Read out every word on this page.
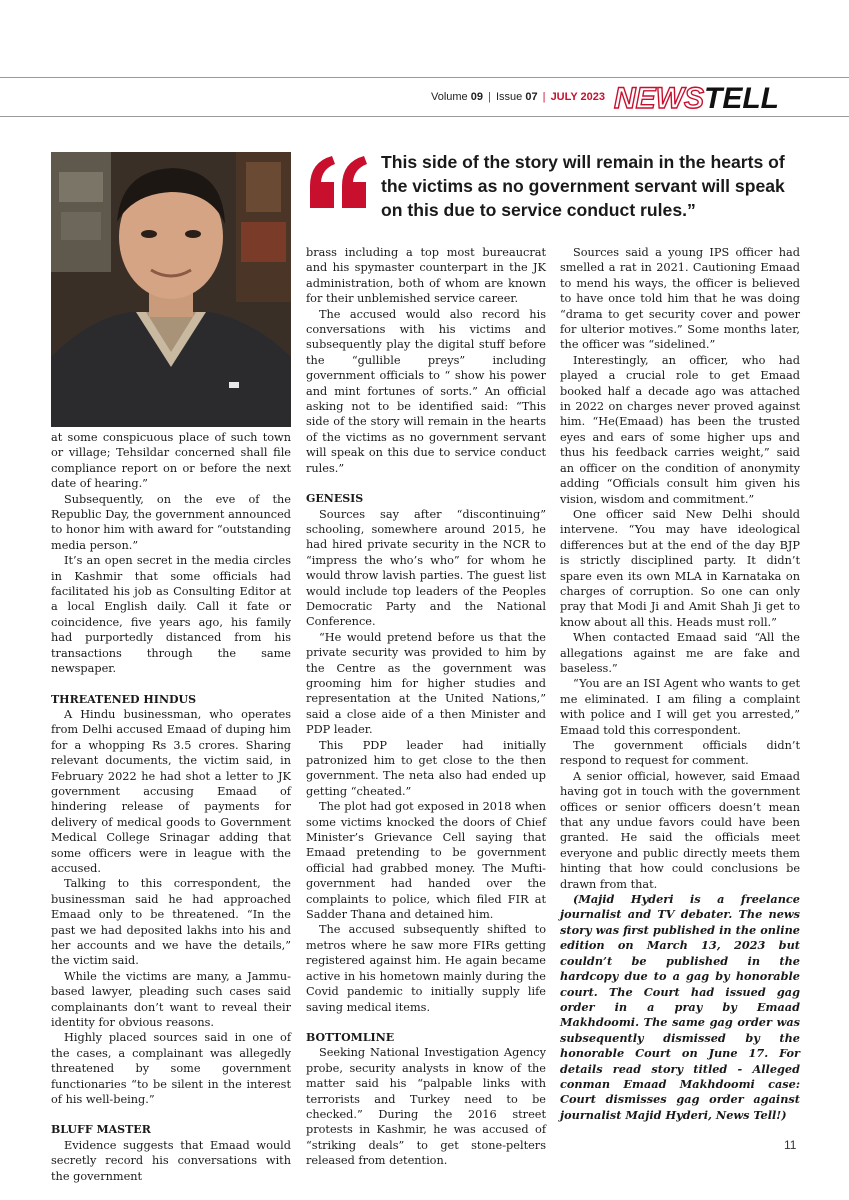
Volume 09 | Issue 07 | JULY 2023 NEWSTELL

at some conspicuous place of such town or village; Tehsildar concerned shall file compliance report on or before the next date of hearing.”

Subsequently, on the eve of the Republic Day, the government announced to honor him with award for “outstanding media person.”

It’s an open secret in the media circles in Kashmir that some officials had facilitated his job as Consulting Editor at a local English daily. Call it fate or coincidence, five years ago, his family had purportedly distanced from his transactions through the same newspaper.

THREATENED HINDUS

A Hindu businessman, who operates from Delhi accused Emaad of duping him for a whopping Rs 3.5 crores. Sharing relevant documents, the victim said, in February 2022 he had shot a letter to JK government accusing Emaad of hindering release of payments for delivery of medical goods to Government Medical College Srinagar adding that some officers were in league with the accused.

Talking to this correspondent, the businessman said he had approached Emaad only to be threatened. “In the past we had deposited lakhs into his and her accounts and we have the details,” the victim said.

While the victims are many, a Jammu-based lawyer, pleading such cases said complainants don’t want to reveal their identity for obvious reasons.

Highly placed sources said in one of the cases, a complainant was allegedly threatened by some government functionaries “to be silent in the interest of his well-being.”

BLUFF MASTER

Evidence suggests that Emaad would secretly record his conversations with the government

This side of the story will remain in the hearts of the victims as no government servant will speak on this due to service conduct rules.”

brass including a top most bureaucrat and his spymaster counterpart in the JK administration, both of whom are known for their unblemished service career.

The accused would also record his conversations with his victims and subsequently play the digital stuff before the “gullible preys” including government officials to “ show his power and mint fortunes of sorts.” An official asking not to be identified said: “This side of the story will remain in the hearts of the victims as no government servant will speak on this due to service conduct rules.”

GENESIS

Sources say after “discontinuing” schooling, somewhere around 2015, he had hired private security in the NCR to “impress the who’s who” for whom he would throw lavish parties. The guest list would include top leaders of the Peoples Democratic Party and the National Conference.

“He would pretend before us that the private security was provided to him by the Centre as the government was grooming him for higher studies and representation at the United Nations,” said a close aide of a then Minister and PDP leader.

This PDP leader had initially patronized him to get close to the then government. The neta also had ended up getting “cheated.”

The plot had got exposed in 2018 when some victims knocked the doors of Chief Minister’s Grievance Cell saying that Emaad pretending to be government official had grabbed money. The Mufti-government had handed over the complaints to police, which filed FIR at Sadder Thana and detained him.

The accused subsequently shifted to metros where he saw more FIRs getting registered against him. He again became active in his hometown mainly during the Covid pandemic to initially supply life saving medical items.

BOTTOMLINE

Seeking National Investigation Agency probe, security analysts in know of the matter said his “palpable links with terrorists and Turkey need to be checked.” During the 2016 street protests in Kashmir, he was accused of “striking deals” to get stone-pelters released from detention.

Sources said a young IPS officer had smelled a rat in 2021. Cautioning Emaad to mend his ways, the officer is believed to have once told him that he was doing “drama to get security cover and power for ulterior motives.” Some months later, the officer was “sidelined.”

Interestingly, an officer, who had played a crucial role to get Emaad booked half a decade ago was attached in 2022 on charges never proved against him. “He(Emaad) has been the trusted eyes and ears of some higher ups and thus his feedback carries weight,” said an officer on the condition of anonymity adding “Officials consult him given his vision, wisdom and commitment.”

One officer said New Delhi should intervene. “You may have ideological differences but at the end of the day BJP is strictly disciplined party. It didn’t spare even its own MLA in Karnataka on charges of corruption. So one can only pray that Modi Ji and Amit Shah Ji get to know about all this. Heads must roll.”

When contacted Emaad said “All the allegations against me are fake and baseless.”

“You are an ISI Agent who wants to get me eliminated. I am filing a complaint with police and I will get you arrested,” Emaad told this correspondent.

The government officials didn’t respond to request for comment.

A senior official, however, said Emaad having got in touch with the government offices or senior officers doesn’t mean that any undue favors could have been granted. He said the officials meet everyone and public directly meets them hinting that how could conclusions be drawn from that.

(Majid Hyderi is a freelance journalist and TV debater. The news story was first published in the online edition on March 13, 2023 but couldn’t be published in the hardcopy due to a gag by honorable court. The Court had issued gag order in a pray by Emaad Makhdoomi. The same gag order was subsequently dismissed by the honorable Court on June 17. For details read story titled - Alleged conman Emaad Makhdoomi case: Court dismisses gag order against journalist Majid Hyderi, News Tell!)

11
